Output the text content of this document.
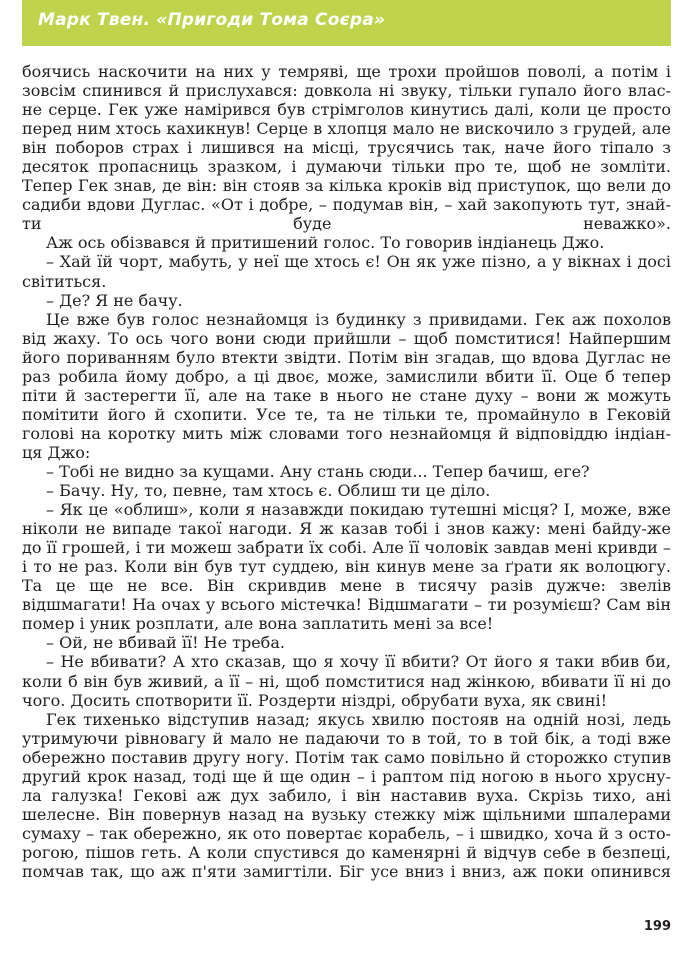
Марк Твен. «Пригоди Тома Соєра»

боячись наскочити на них у темряві, ще трохи пройшов поволі, а потім і зовсім спинився й прислухався: довкола ні звуку, тільки гупало його влас-не серце. Гек уже намірився був стрімголов кинутись далі, коли це просто перед ним хтось кахикнув! Серце в хлопця мало не вискочило з грудей, але він поборов страх і лишився на місці, трусячись так, наче його тіпало з десяток пропасниць зразком, і думаючи тільки про те, щоб не зомліти. Тепер Гек знав, де він: він стояв за кілька кроків від приступок, що вели до садиби вдови Дуглас. «От і добре, – подумав він, – хай закопують тут, знай-ти буде неважко».

Аж ось обізвався й притишений голос. То говорив індіанець Джо.

– Хай їй чорт, мабуть, у неї ще хтось є! Он як уже пізно, а у вікнах і досі світиться.

– Де? Я не бачу.

Це вже був голос незнайомця із будинку з привидами. Гек аж похолов від жаху. То ось чого вони сюди прийшли – щоб помститися! Найпершим його пориванням було втекти звідти. Потім він згадав, що вдова Дуглас не раз робила йому добро, а ці двоє, може, замислили вбити її. Оце б тепер піти й застерегти її, але на таке в нього не стане духу – вони ж можуть помітити його й схопити. Усе те, та не тільки те, промайнуло в Гековій голові на коротку мить між словами того незнайомця й відповіддю індіан-ця Джо:

– Тобі не видно за кущами. Ану стань сюди... Тепер бачиш, еге?

– Бачу. Ну, то, певне, там хтось є. Облиш ти це діло.

– Як це «облиш», коли я назавжди покидаю тутешні місця? І, може, вже ніколи не випаде такої нагоди. Я ж казав тобі і знов кажу: мені байду-же до її грошей, і ти можеш забрати їх собі. Але її чоловік завдав мені кривди – і то не раз. Коли він був тут суддею, він кинув мене за ґрати як волоцюгу. Та це ще не все. Він скривдив мене в тисячу разів дужче: звелів відшмагати! На очах у всього містечка! Відшмагати – ти розумієш? Сам він помер і уник розплати, але вона заплатить мені за все!

– Ой, не вбивай її! Не треба.

– Не вбивати? А хто сказав, що я хочу її вбити? От його я таки вбив би, коли б він був живий, а її – ні, щоб помститися над жінкою, вбивати її ні до чого. Досить спотворити її. Роздерти ніздрі, обрубати вуха, як свині!

Гек тихенько відступив назад; якусь хвилю постояв на одній нозі, ледь утримуючи рівновагу й мало не падаючи то в той, то в той бік, а тоді вже обережно поставив другу ногу. Потім так само повільно й сторожко ступив другий крок назад, тоді ще й ще один – і раптом під ногою в нього хрусну-ла галузка! Гекові аж дух забило, і він наставив вуха. Скрізь тихо, ані шелесне. Він повернув назад на вузьку стежку між щільними шпалерами сумаху – так обережно, як ото повертає корабель, – і швидко, хоча й з осто-рогою, пішов геть. А коли спустився до каменярні й відчув себе в безпеці, помчав так, що аж п'яти замигтіли. Біг усе вниз і вниз, аж поки опинився

199
